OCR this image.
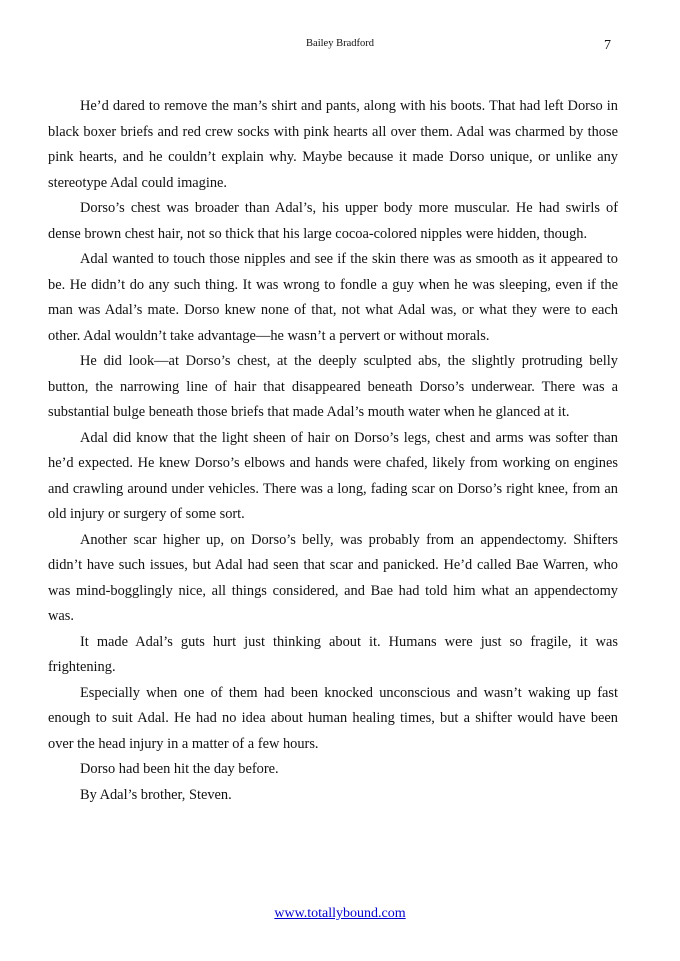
Bailey Bradford	7

He’d dared to remove the man’s shirt and pants, along with his boots. That had left Dorso in black boxer briefs and red crew socks with pink hearts all over them. Adal was charmed by those pink hearts, and he couldn’t explain why. Maybe because it made Dorso unique, or unlike any stereotype Adal could imagine.

Dorso’s chest was broader than Adal’s, his upper body more muscular. He had swirls of dense brown chest hair, not so thick that his large cocoa-colored nipples were hidden, though.

Adal wanted to touch those nipples and see if the skin there was as smooth as it appeared to be. He didn’t do any such thing. It was wrong to fondle a guy when he was sleeping, even if the man was Adal’s mate. Dorso knew none of that, not what Adal was, or what they were to each other. Adal wouldn’t take advantage—he wasn’t a pervert or without morals.

He did look—at Dorso’s chest, at the deeply sculpted abs, the slightly protruding belly button, the narrowing line of hair that disappeared beneath Dorso’s underwear. There was a substantial bulge beneath those briefs that made Adal’s mouth water when he glanced at it.

Adal did know that the light sheen of hair on Dorso’s legs, chest and arms was softer than he’d expected. He knew Dorso’s elbows and hands were chafed, likely from working on engines and crawling around under vehicles. There was a long, fading scar on Dorso’s right knee, from an old injury or surgery of some sort.

Another scar higher up, on Dorso’s belly, was probably from an appendectomy. Shifters didn’t have such issues, but Adal had seen that scar and panicked. He’d called Bae Warren, who was mind-bogglingly nice, all things considered, and Bae had told him what an appendectomy was.

It made Adal’s guts hurt just thinking about it. Humans were just so fragile, it was frightening.

Especially when one of them had been knocked unconscious and wasn’t waking up fast enough to suit Adal. He had no idea about human healing times, but a shifter would have been over the head injury in a matter of a few hours.

Dorso had been hit the day before.

By Adal’s brother, Steven.

www.totallybound.com
